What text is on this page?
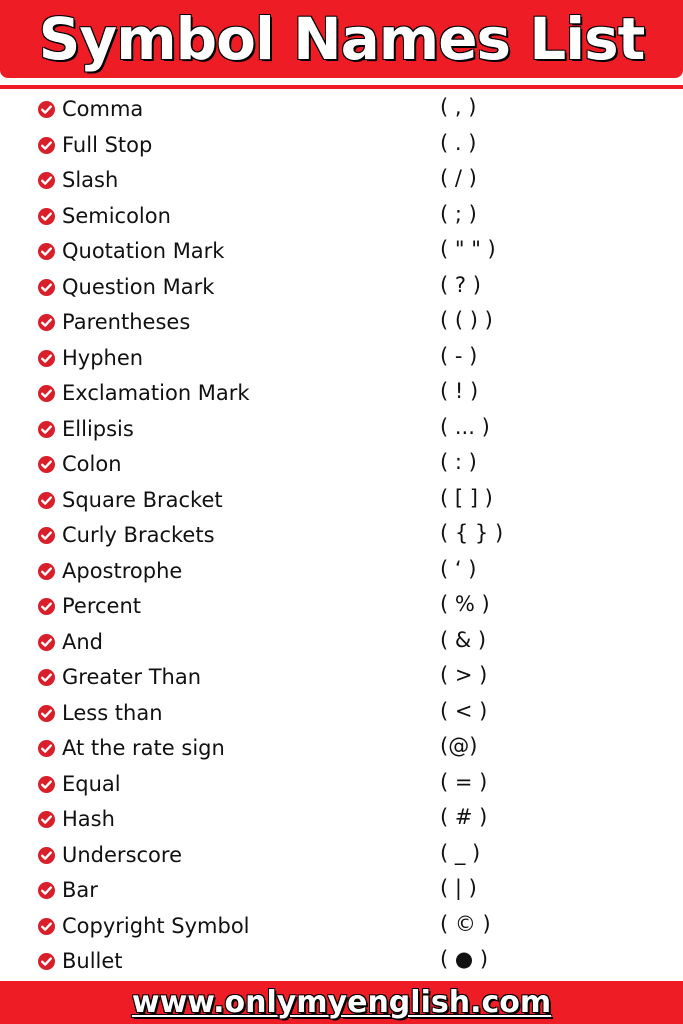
Symbol Names List
Comma	( , )
Full Stop	( . )
Slash	( / )
Semicolon	( ; )
Quotation Mark	( " " )
Question Mark	( ? )
Parentheses	( ( ) )
Hyphen	( - )
Exclamation Mark	( ! )
Ellipsis	( ... )
Colon	( : )
Square Bracket	( [ ] )
Curly Brackets	( { } )
Apostrophe	( ‘ )
Percent	( % )
And	( & )
Greater Than	( > )
Less than	( < )
At the rate sign	(@)
Equal	( = )
Hash	( # )
Underscore	( _ )
Bar	( | )
Copyright Symbol	( © )
Bullet	( ● )
www.onlymyenglish.com
